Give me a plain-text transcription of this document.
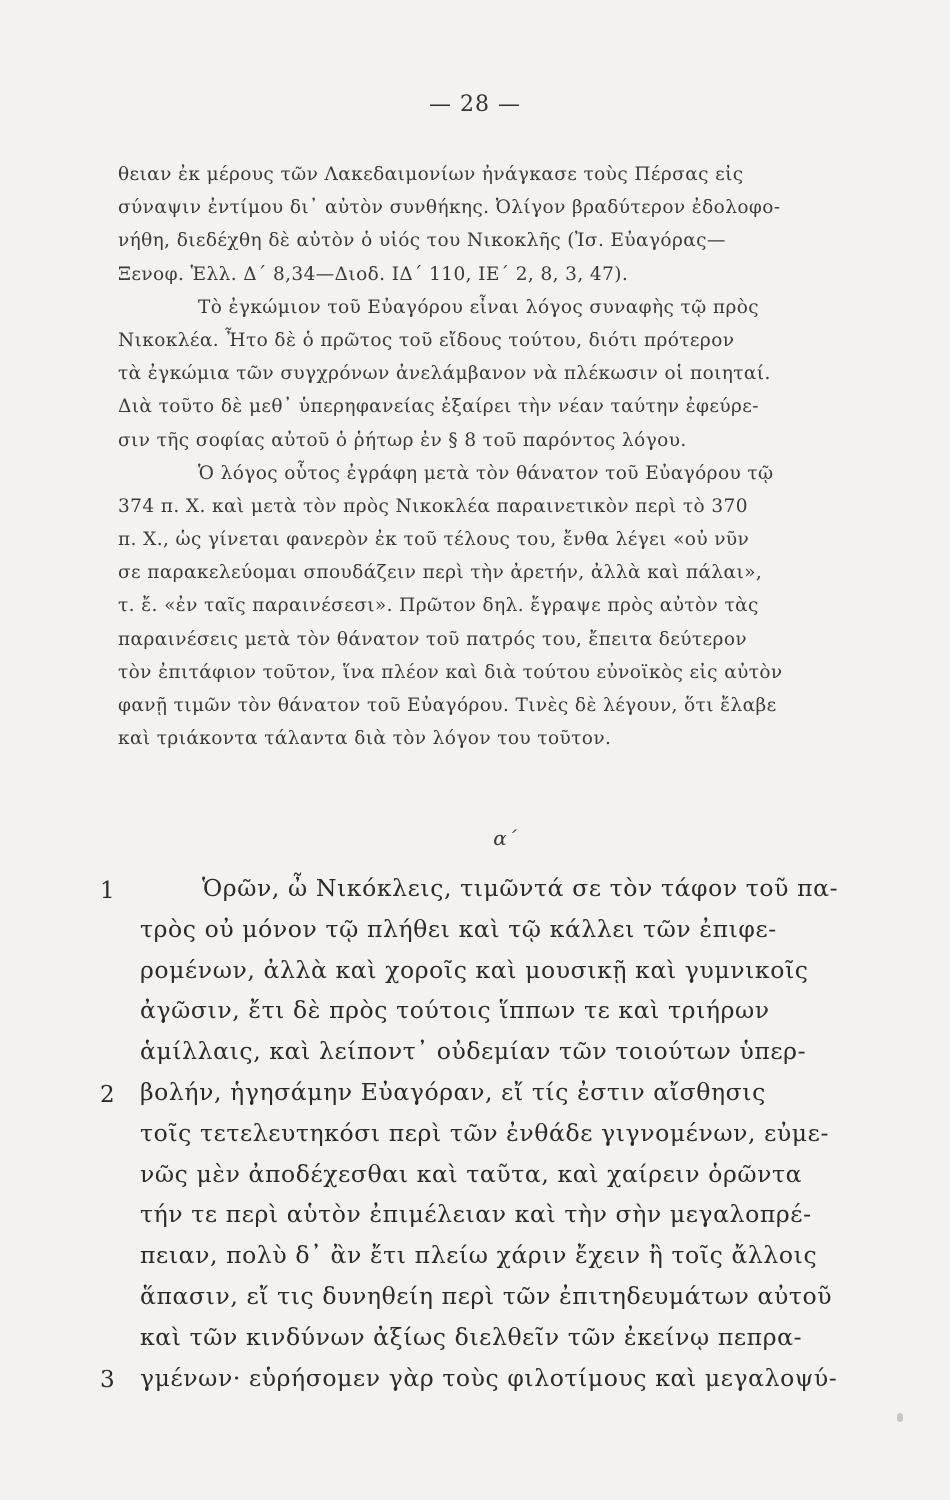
— 28 —
θειαν ἐκ μέρους τῶν Λακεδαιμονίων ἠνάγκασε τοὺς Πέρσας εἰς
σύναψιν ἐντίμου δι᾽ αὐτὸν συνθήκης. Ὀλίγον βραδύτερον ἐδολοφο-
νήθη, διεδέχθη δὲ αὐτὸν ὁ υἱός του Νικοκλῆς (Ἰσ. Εὐαγόρας—
Ξενοφ. Ἑλλ. Δ΄ 8,34—Διοδ. ΙΔ΄ 110, ΙΕ΄ 2, 8, 3, 47).
Τὸ ἐγκώμιον τοῦ Εὐαγόρου εἶναι λόγος συναφὴς τῷ πρὸς
Νικοκλέα. Ἦτο δὲ ὁ πρῶτος τοῦ εἴδους τούτου, διότι πρότερον
τὰ ἐγκώμια τῶν συγχρόνων ἀνελάμβανον νὰ πλέκωσιν οἱ ποιηταί.
Διὰ τοῦτο δὲ μεθ᾽ ὑπερηφανείας ἐξαίρει τὴν νέαν ταύτην ἐφεύρε-
σιν τῆς σοφίας αὐτοῦ ὁ ῥήτωρ ἐν § 8 τοῦ παρόντος λόγου.
Ὁ λόγος οὗτος ἐγράφη μετὰ τὸν θάνατον τοῦ Εὐαγόρου τῷ
374 π. Χ. καὶ μετὰ τὸν πρὸς Νικοκλέα παραινετικὸν περὶ τὸ 370
π. Χ., ὡς γίνεται φανερὸν ἐκ τοῦ τέλους του, ἔνθα λέγει «οὐ νῦν
σε παρακελεύομαι σπουδάζειν περὶ τὴν ἀρετήν, ἀλλὰ καὶ πάλαι»,
τ. ἔ. «ἐν ταῖς παραινέσεσι». Πρῶτον δηλ. ἔγραψε πρὸς αὐτὸν τὰς
παραινέσεις μετὰ τὸν θάνατον τοῦ πατρός του, ἔπειτα δεύτερον
τὸν ἐπιτάφιον τοῦτον, ἵνα πλέον καὶ διὰ τούτου εὐνοϊκὸς εἰς αὐτὸν
φανῇ τιμῶν τὸν θάνατον τοῦ Εὐαγόρου. Τινὲς δὲ λέγουν, ὅτι ἔλαβε
καὶ τριάκοντα τάλαντα διὰ τὸν λόγον του τοῦτον.
α΄
1
2
3
Ὁρῶν, ὦ Νικόκλεις, τιμῶντά σε τὸν τάφον τοῦ πα-
τρὸς οὐ μόνον τῷ πλήθει καὶ τῷ κάλλει τῶν ἐπιφε-
ρομένων, ἀλλὰ καὶ χοροῖς καὶ μουσικῇ καὶ γυμνικοῖς
ἀγῶσιν, ἔτι δὲ πρὸς τούτοις ἵππων τε καὶ τριήρων
ἁμίλλαις, καὶ λείποντ᾽ οὐδεμίαν τῶν τοιούτων ὑπερ-
βολήν, ἡγησάμην Εὐαγόραν, εἴ τίς ἐστιν αἴσθησις
τοῖς τετελευτηκόσι περὶ τῶν ἐνθάδε γιγνομένων, εὐμε-
νῶς μὲν ἀποδέχεσθαι καὶ ταῦτα, καὶ χαίρειν ὁρῶντα
τήν τε περὶ αὑτὸν ἐπιμέλειαν καὶ τὴν σὴν μεγαλοπρέ-
πειαν, πολὺ δ᾽ ἂν ἔτι πλείω χάριν ἔχειν ἢ τοῖς ἄλλοις
ἅπασιν, εἴ τις δυνηθείη περὶ τῶν ἐπιτηδευμάτων αὐτοῦ
καὶ τῶν κινδύνων ἀξίως διελθεῖν τῶν ἐκείνῳ πεπρα-
γμένων· εὑρήσομεν γὰρ τοὺς φιλοτίμους καὶ μεγαλοψύ-
